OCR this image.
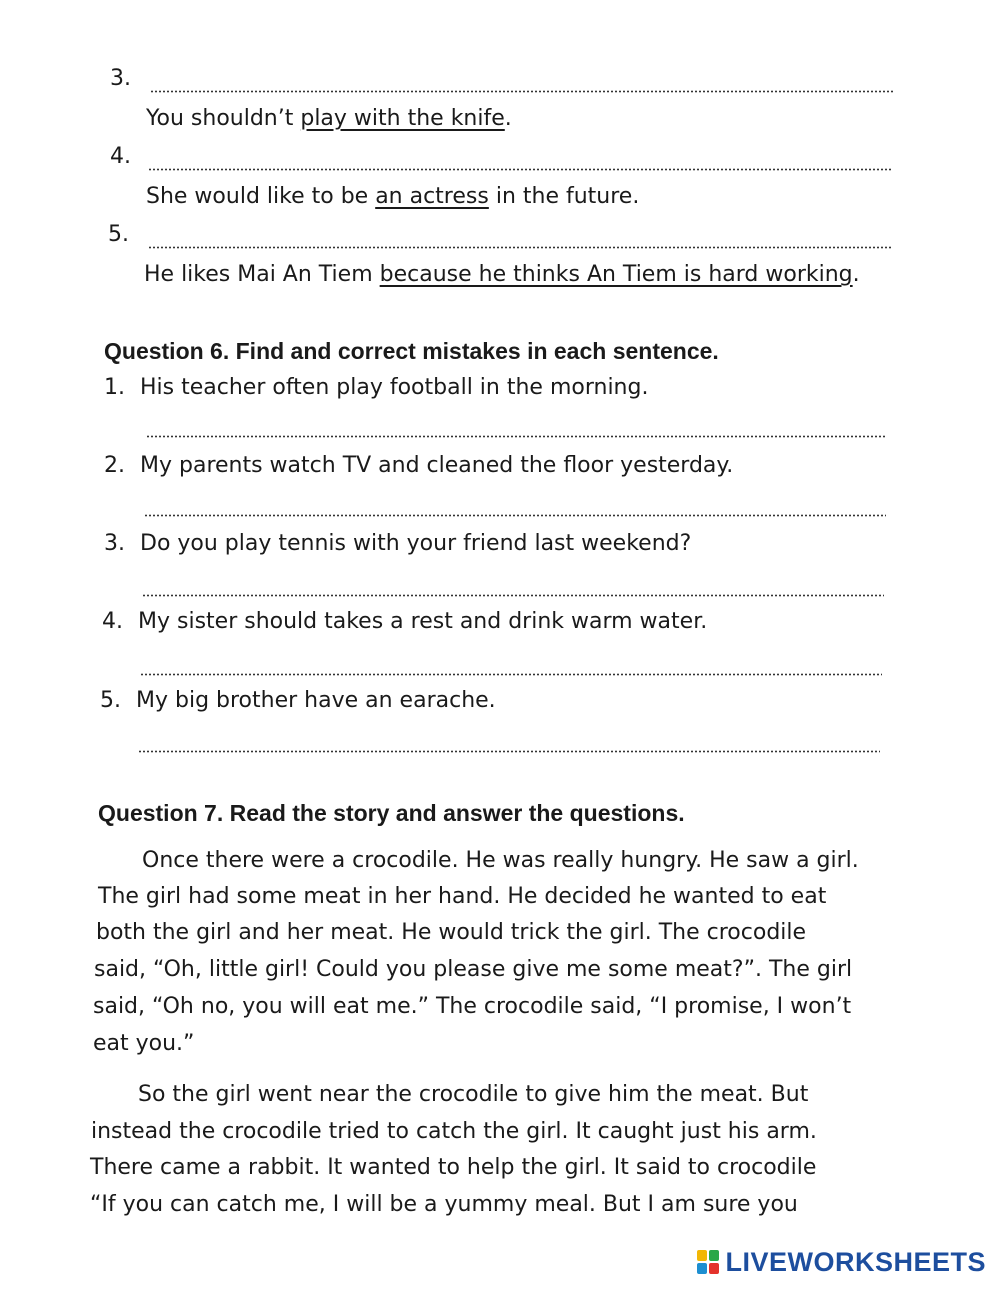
3.
You shouldn’t play with the knife.
4.
She would like to be an actress in the future.
5.
He likes Mai An Tiem because he thinks An Tiem is hard working.
Question 6. Find and correct mistakes in each sentence.
1. His teacher often play football in the morning.
2. My parents watch TV and cleaned the floor yesterday.
3. Do you play tennis with your friend last weekend?
4. My sister should takes a rest and drink warm water.
5. My big brother have an earache.
Question 7. Read the story and answer the questions.
Once there were a crocodile. He was really hungry. He saw a girl.
The girl had some meat in her hand. He decided he wanted to eat
both the girl and her meat. He would trick the girl. The crocodile
said, “Oh, little girl! Could you please give me some meat?”. The girl
said, “Oh no, you will eat me.” The crocodile said, “I promise, I won’t
eat you.”
So the girl went near the crocodile to give him the meat. But
instead the crocodile tried to catch the girl. It caught just his arm.
There came a rabbit. It wanted to help the girl. It said to crocodile
“If you can catch me, I will be a yummy meal. But I am sure you
LIVEWORKSHEETS
